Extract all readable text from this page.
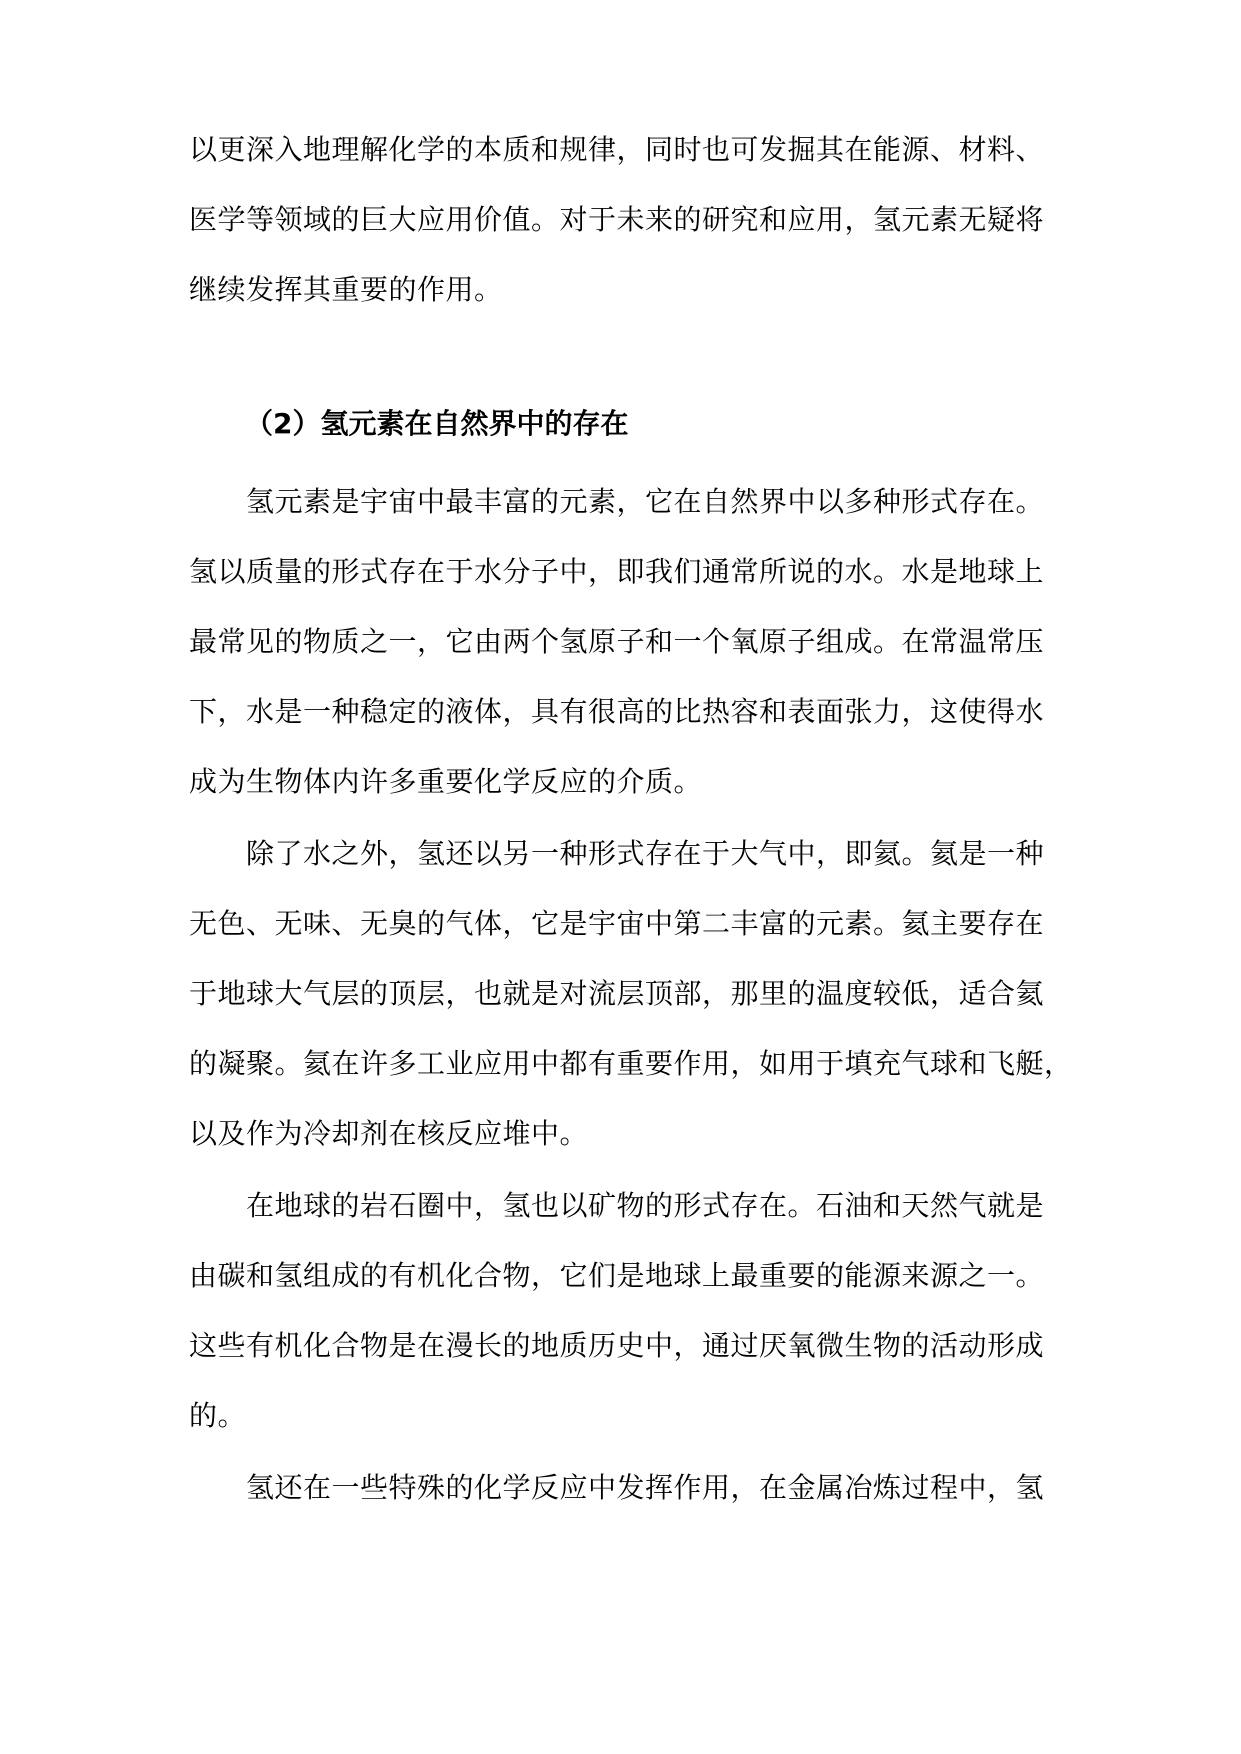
以更深入地理解化学的本质和规律，同时也可发掘其在能源、材料、
医学等领域的巨大应用价值。对于未来的研究和应用，氢元素无疑将
继续发挥其重要的作用。
（2）氢元素在自然界中的存在
　　氢元素是宇宙中最丰富的元素，它在自然界中以多种形式存在。
氢以质量的形式存在于水分子中，即我们通常所说的水。水是地球上
最常见的物质之一，它由两个氢原子和一个氧原子组成。在常温常压
下，水是一种稳定的液体，具有很高的比热容和表面张力，这使得水
成为生物体内许多重要化学反应的介质。
　　除了水之外，氢还以另一种形式存在于大气中，即氦。氦是一种
无色、无味、无臭的气体，它是宇宙中第二丰富的元素。氦主要存在
于地球大气层的顶层，也就是对流层顶部，那里的温度较低，适合氦
的凝聚。氦在许多工业应用中都有重要作用，如用于填充气球和飞艇，
以及作为冷却剂在核反应堆中。
　　在地球的岩石圈中，氢也以矿物的形式存在。石油和天然气就是
由碳和氢组成的有机化合物，它们是地球上最重要的能源来源之一。
这些有机化合物是在漫长的地质历史中，通过厌氧微生物的活动形成
的。
　　氢还在一些特殊的化学反应中发挥作用，在金属冶炼过程中，氢
